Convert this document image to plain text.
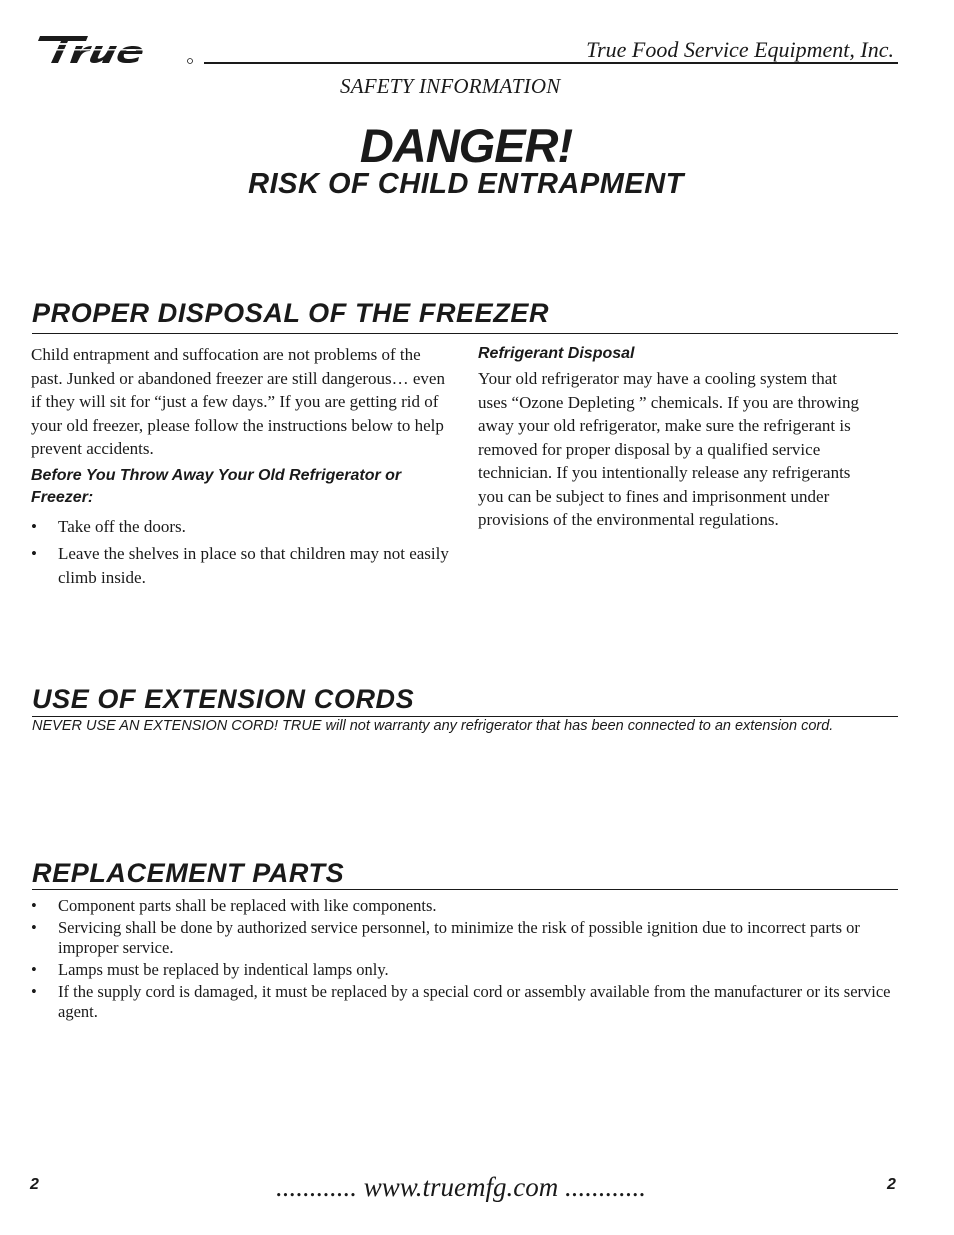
True Food Service Equipment, Inc.
SAFETY INFORMATION
DANGER!
RISK OF CHILD ENTRAPMENT
PROPER DISPOSAL OF THE FREEZER
Child entrapment and suffocation are not problems of the past. Junked or abandoned freezer are still dangerous… even if they will sit for “just a few days.” If you are getting rid of your old freezer, please follow the instructions below to help prevent accidents.
Before You Throw Away Your Old Refrigerator or Freezer:
• Take off the doors.
• Leave the shelves in place so that children may not easily climb inside.
Refrigerant Disposal
Your old refrigerator may have a cooling system that uses “Ozone Depleting ” chemicals. If you are throwing away your old refrigerator, make sure the refrigerant is removed for proper disposal by a qualified service technician. If you intentionally release any refrigerants you can be subject to fines and imprisonment under provisions of the environmental regulations.
USE OF EXTENSION CORDS
NEVER USE AN EXTENSION CORD! TRUE will not warranty any refrigerator that has been connected to an extension cord.
REPLACEMENT PARTS
• Component parts shall be replaced with like components.
• Servicing shall be done by authorized service personnel, to minimize the risk of possible ignition due to incorrect parts or improper service.
• Lamps must be replaced by indentical lamps only.
• If the supply cord is damaged, it must be replaced by a special cord or assembly available from the manufacturer or its service agent.
2	............ www.truemfg.com ............	2
